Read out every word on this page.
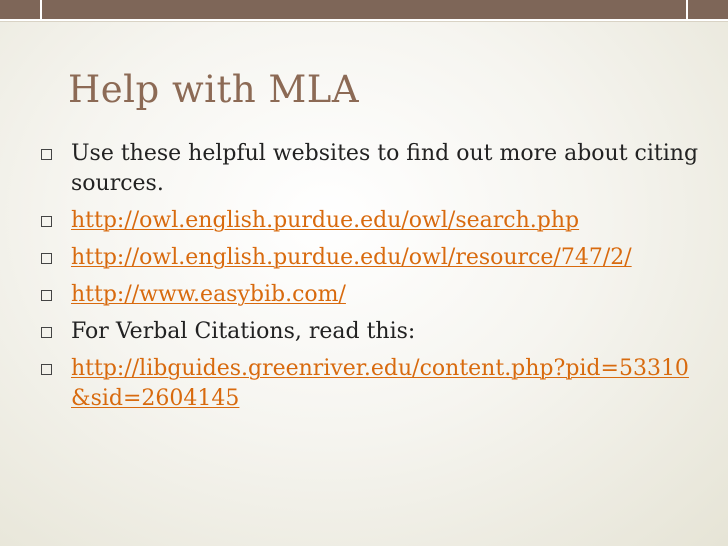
Help with MLA
Use these helpful websites to find out more about citing sources.
http://owl.english.purdue.edu/owl/search.php
http://owl.english.purdue.edu/owl/resource/747/2/
http://www.easybib.com/
For Verbal Citations, read this:
http://libguides.greenriver.edu/content.php?pid=53310&sid=2604145
